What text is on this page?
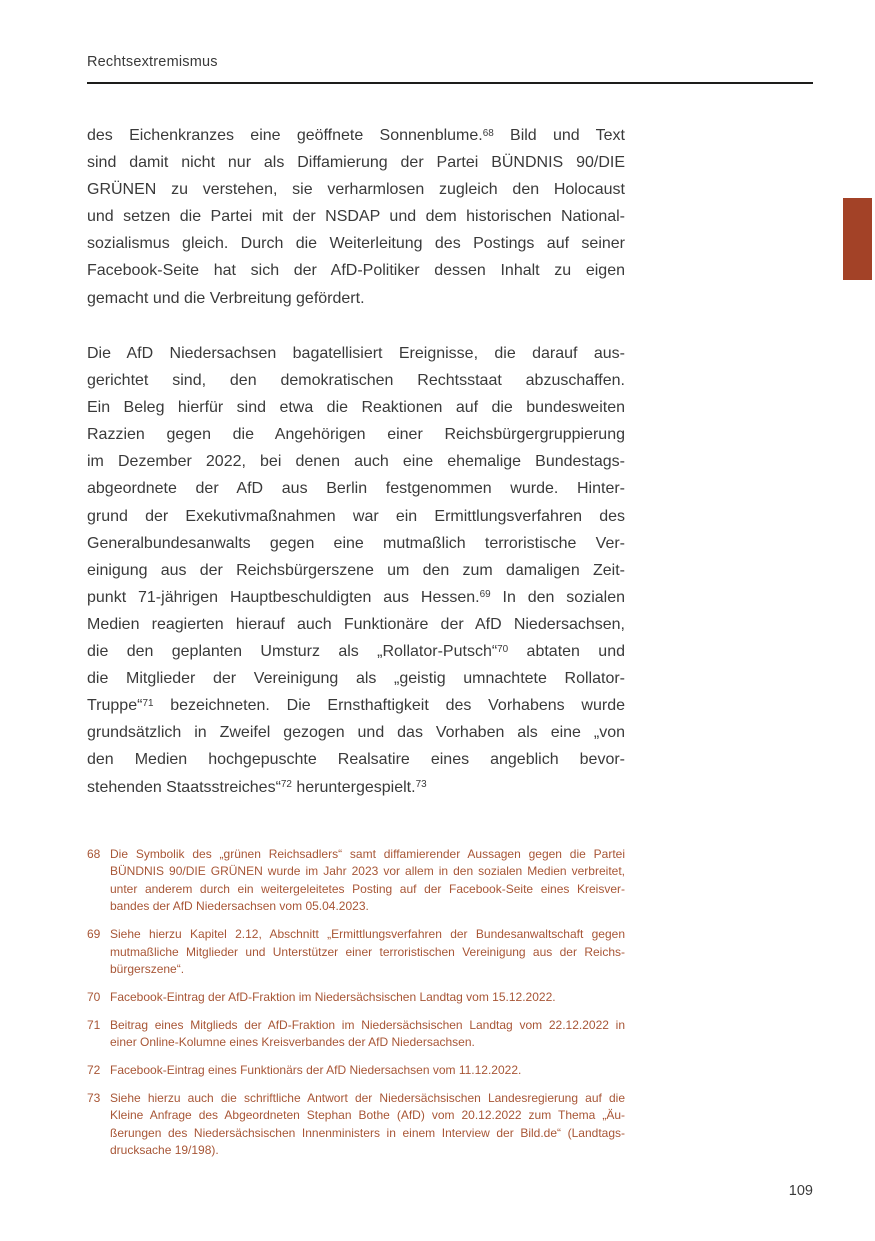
Rechtsextremismus
des Eichenkranzes eine geöffnete Sonnenblume.$^{68}$ Bild und Text
sind damit nicht nur als Diffamierung der Partei BÜNDNIS 90/DIE
GRÜNEN zu verstehen, sie verharmlosen zugleich den Holocaust
und setzen die Partei mit der NSDAP und dem historischen National-
sozialismus gleich. Durch die Weiterleitung des Postings auf seiner
Facebook-Seite hat sich der AfD-Politiker dessen Inhalt zu eigen
gemacht und die Verbreitung gefördert.
Die AfD Niedersachsen bagatellisiert Ereignisse, die darauf aus-
gerichtet sind, den demokratischen Rechtsstaat abzuschaffen.
Ein Beleg hierfür sind etwa die Reaktionen auf die bundesweiten
Razzien gegen die Angehörigen einer Reichsbürgergruppierung
im Dezember 2022, bei denen auch eine ehemalige Bundestags-
abgeordnete der AfD aus Berlin festgenommen wurde. Hinter-
grund der Exekutivmaßnahmen war ein Ermittlungsverfahren des
Generalbundesanwalts gegen eine mutmaßlich terroristische Ver-
einigung aus der Reichsbürgerszene um den zum damaligen Zeit-
punkt 71-jährigen Hauptbeschuldigten aus Hessen.$^{69}$ In den sozialen
Medien reagierten hierauf auch Funktionäre der AfD Niedersachsen,
die den geplanten Umsturz als „Rollator-Putsch“$^{70}$ abtaten und
die Mitglieder der Vereinigung als „geistig umnachtete Rollator-
Truppe“$^{71}$ bezeichneten. Die Ernsthaftigkeit des Vorhabens wurde
grundsätzlich in Zweifel gezogen und das Vorhaben als eine „von
den Medien hochgepuschte Realsatire eines angeblich bevor-
stehenden Staatsstreiches“$^{72}$ heruntergespielt.$^{73}$
68 Die Symbolik des „grünen Reichsadlers“ samt diffamierender Aussagen gegen die Partei
BÜNDNIS 90/DIE GRÜNEN wurde im Jahr 2023 vor allem in den sozialen Medien verbreitet,
unter anderem durch ein weitergeleitetes Posting auf der Facebook-Seite eines Kreisver-
bandes der AfD Niedersachsen vom 05.04.2023.
69 Siehe hierzu Kapitel 2.12, Abschnitt „Ermittlungsverfahren der Bundesanwaltschaft gegen
mutmaßliche Mitglieder und Unterstützer einer terroristischen Vereinigung aus der Reichs-
bürgerszene“.
70 Facebook-Eintrag der AfD-Fraktion im Niedersächsischen Landtag vom 15.12.2022.
71 Beitrag eines Mitglieds der AfD-Fraktion im Niedersächsischen Landtag vom 22.12.2022 in
einer Online-Kolumne eines Kreisverbandes der AfD Niedersachsen.
72 Facebook-Eintrag eines Funktionärs der AfD Niedersachsen vom 11.12.2022.
73 Siehe hierzu auch die schriftliche Antwort der Niedersächsischen Landesregierung auf die
Kleine Anfrage des Abgeordneten Stephan Bothe (AfD) vom 20.12.2022 zum Thema „Äu-
ßerungen des Niedersächsischen Innenministers in einem Interview der Bild.de“ (Landtags-
drucksache 19/198).
109
